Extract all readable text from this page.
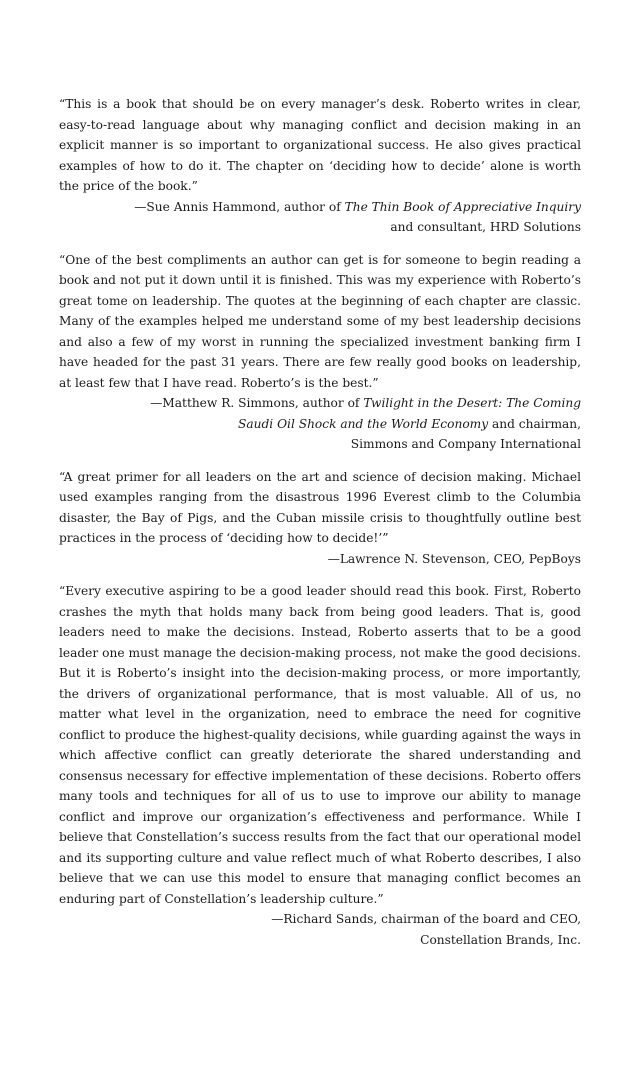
“This is a book that should be on every manager’s desk. Roberto writes in clear, easy-to-read language about why managing conflict and decision making in an explicit manner is so important to organizational success. He also gives practical examples of how to do it. The chapter on ‘deciding how to decide’ alone is worth the price of the book.”

—Sue Annis Hammond, author of The Thin Book of Appreciative Inquiry
and consultant, HRD Solutions

“One of the best compliments an author can get is for someone to begin reading a book and not put it down until it is finished. This was my experience with Roberto’s great tome on leadership. The quotes at the beginning of each chapter are classic. Many of the examples helped me understand some of my best leadership decisions and also a few of my worst in running the specialized investment banking firm I have headed for the past 31 years. There are few really good books on leadership, at least few that I have read. Roberto’s is the best.”

—Matthew R. Simmons, author of Twilight in the Desert: The Coming
Saudi Oil Shock and the World Economy and chairman,
Simmons and Company International

“A great primer for all leaders on the art and science of decision making. Michael used examples ranging from the disastrous 1996 Everest climb to the Columbia disaster, the Bay of Pigs, and the Cuban missile crisis to thoughtfully outline best practices in the process of ‘deciding how to decide!’”

—Lawrence N. Stevenson, CEO, PepBoys

“Every executive aspiring to be a good leader should read this book. First, Roberto crashes the myth that holds many back from being good leaders. That is, good leaders need to make the decisions. Instead, Roberto asserts that to be a good leader one must manage the decision-making process, not make the good decisions. But it is Roberto’s insight into the decision-making process, or more importantly, the drivers of organizational performance, that is most valuable. All of us, no matter what level in the organization, need to embrace the need for cognitive conflict to produce the highest-quality decisions, while guarding against the ways in which affective conflict can greatly deteriorate the shared understanding and consensus necessary for effective implementation of these decisions. Roberto offers many tools and techniques for all of us to use to improve our ability to manage conflict and improve our organization’s effectiveness and performance. While I believe that Constellation’s success results from the fact that our operational model and its supporting culture and value reflect much of what Roberto describes, I also believe that we can use this model to ensure that managing conflict becomes an enduring part of Constellation’s leadership culture.”

—Richard Sands, chairman of the board and CEO,
Constellation Brands, Inc.
